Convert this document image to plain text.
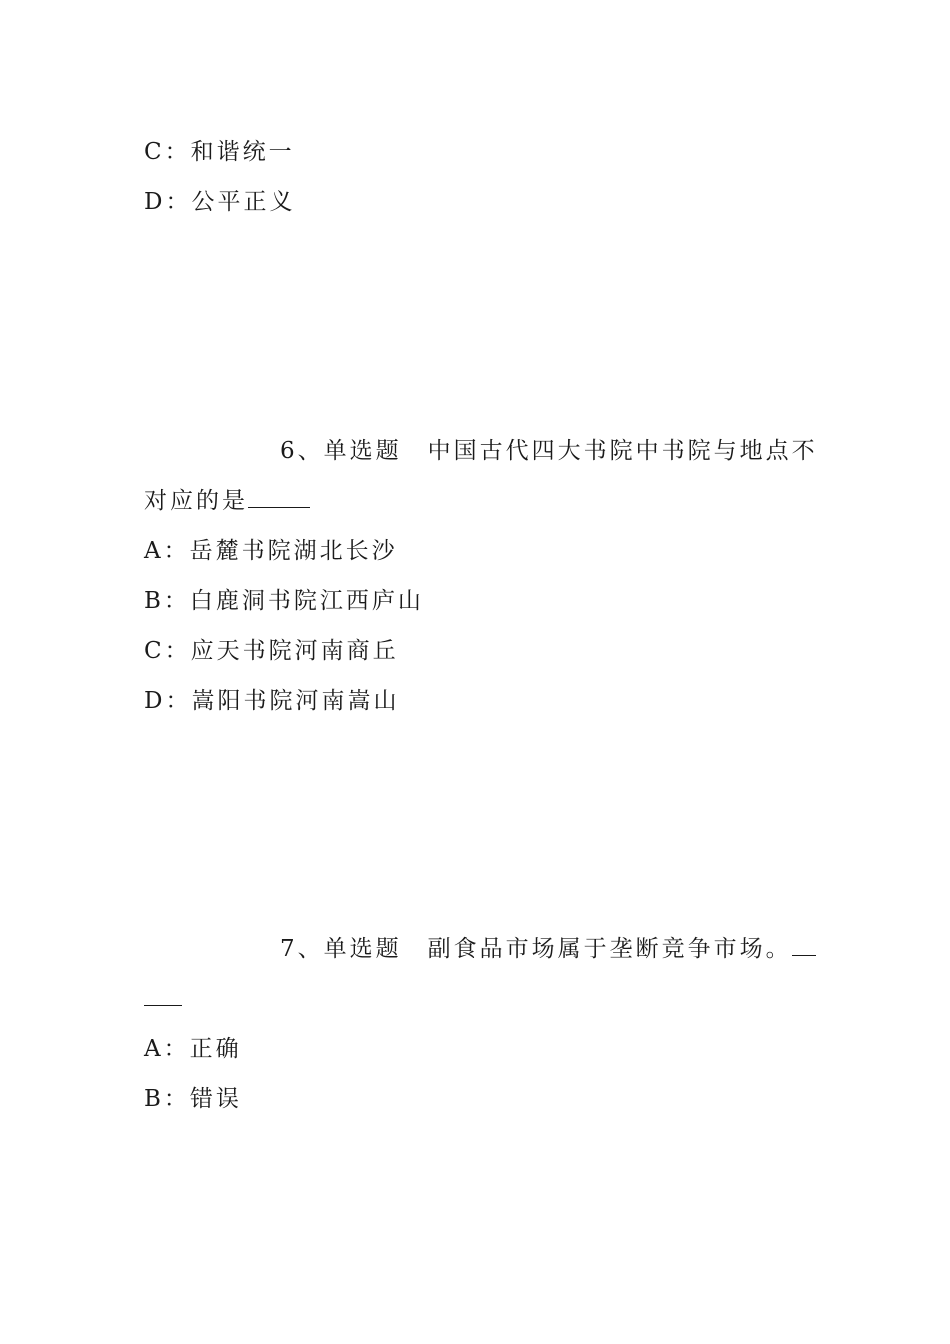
C：和谐统一
D：公平正义
6、单选题 中国古代四大书院中书院与地点不
对应的是
A：岳麓书院湖北长沙
B：白鹿洞书院江西庐山
C：应天书院河南商丘
D：嵩阳书院河南嵩山
7、单选题 副食品市场属于垄断竞争市场。
A：正确
B：错误
